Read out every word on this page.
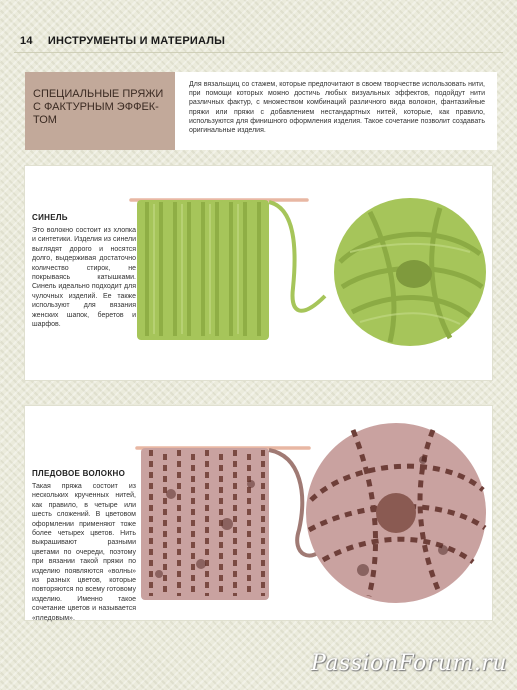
14 ИНСТРУМЕНТЫ И МАТЕРИАЛЫ
СПЕЦИАЛЬНЫЕ ПРЯЖИ С ФАКТУРНЫМ ЭФФЕК-ТОМ
Для вязальщиц со стажем, которые предпочитают в своем творчестве использовать нити, при помощи которых можно достичь любых визуальных эффектов, подойдут нити различных фактур, с множеством комбинаций различного вида волокон, фантазийные пряжи или пряжи с добавлением нестандартных нитей, которые, как правило, используются для финишного оформления изделия. Такое сочетание позволит создавать оригинальные изделия.
СИНЕЛЬ
Это волокно состоит из хлопка и синтетики. Изделия из синели выглядят дорого и носятся долго, выдерживая достаточно количество стирок, не покрываясь катышками. Синель идеально подходит для чулочных изделий. Ее также используют для вязания женских шапок, беретов и шарфов.
ПЛЕДОВОЕ ВОЛОКНО
Такая пряжа состоит из нескольких крученных нитей, как правило, в четыре или шесть сложений. В цветовом оформлении применяют тоже более четырех цветов. Нить выкрашивают разными цветами по очереди, поэтому при вязании такой пряжи по изделию появляются «волны» из разных цветов, которые повторяются по всему готовому изделию. Именно такое сочетание цветов и называется «пледовым».
PassionForum.ru
